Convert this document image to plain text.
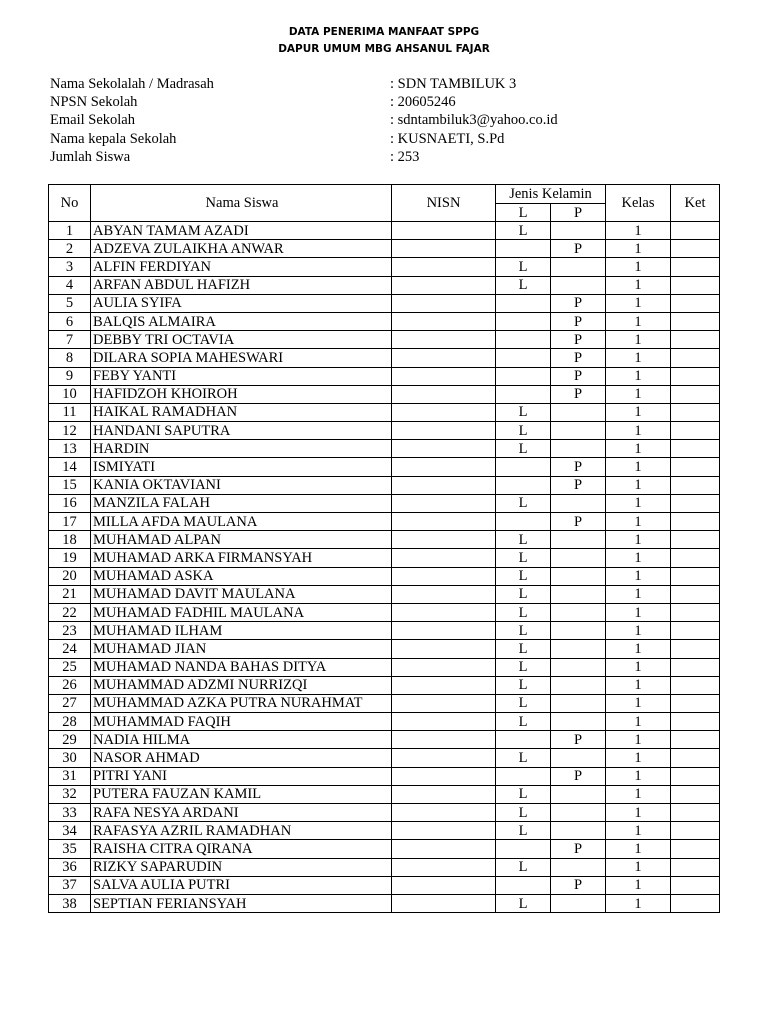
DATA PENERIMA MANFAAT SPPG
DAPUR UMUM MBG AHSANUL FAJAR
Nama Sekolalah / Madrasah	: SDN TAMBILUK 3
NPSN Sekolah	: 20605246
Email Sekolah	: sdntambiluk3@yahoo.co.id
Nama kepala Sekolah	: KUSNAETI, S.Pd
Jumlah Siswa	: 253
No	Nama Siswa	NISN	Jenis Kelamin		Kelas	Ket
			L	P		
1	ABYAN TAMAM AZADI		L		1	
2	ADZEVA ZULAIKHA ANWAR			P	1	
3	ALFIN FERDIYAN		L		1	
4	ARFAN ABDUL HAFIZH		L		1	
5	AULIA SYIFA			P	1	
6	BALQIS ALMAIRA			P	1	
7	DEBBY TRI OCTAVIA			P	1	
8	DILARA SOPIA MAHESWARI			P	1	
9	FEBY YANTI			P	1	
10	HAFIDZOH KHOIROH			P	1	
11	HAIKAL RAMADHAN		L		1	
12	HANDANI SAPUTRA		L		1	
13	HARDIN		L		1	
14	ISMIYATI			P	1	
15	KANIA OKTAVIANI			P	1	
16	MANZILA FALAH		L		1	
17	MILLA AFDA MAULANA			P	1	
18	MUHAMAD ALPAN		L		1	
19	MUHAMAD ARKA FIRMANSYAH		L		1	
20	MUHAMAD ASKA		L		1	
21	MUHAMAD DAVIT MAULANA		L		1	
22	MUHAMAD FADHIL MAULANA		L		1	
23	MUHAMAD ILHAM		L		1	
24	MUHAMAD JIAN		L		1	
25	MUHAMAD NANDA BAHAS DITYA		L		1	
26	MUHAMMAD ADZMI NURRIZQI		L		1	
27	MUHAMMAD AZKA PUTRA NURAHMAT		L		1	
28	MUHAMMAD FAQIH		L		1	
29	NADIA HILMA			P	1	
30	NASOR AHMAD		L		1	
31	PITRI YANI			P	1	
32	PUTERA FAUZAN KAMIL		L		1	
33	RAFA NESYA ARDANI		L		1	
34	RAFASYA AZRIL RAMADHAN		L		1	
35	RAISHA CITRA QIRANA			P	1	
36	RIZKY SAPARUDIN		L		1	
37	SALVA AULIA PUTRI			P	1	
38	SEPTIAN FERIANSYAH		L		1	
